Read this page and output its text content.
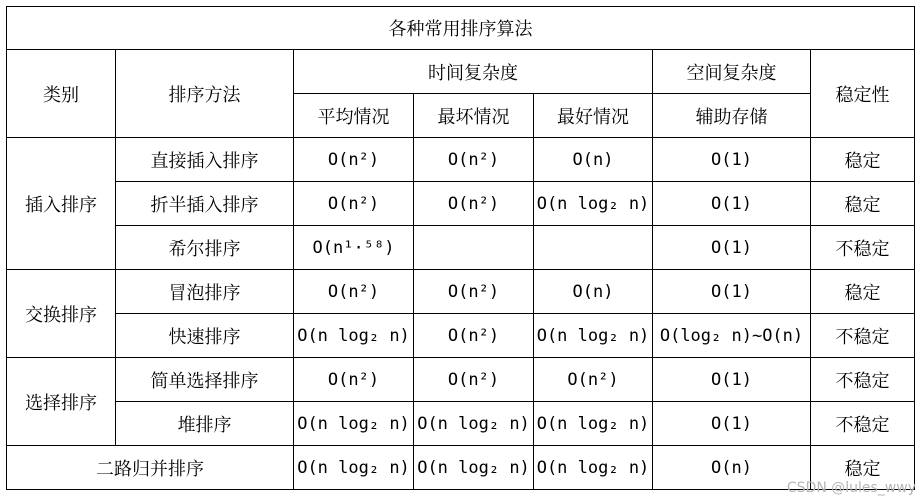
各种常用排序算法						
类别	排序方法	时间复杂度			空间复杂度	稳定性
		平均情况	最坏情况	最好情况	辅助存储	
插入排序	直接插入排序	O(n²)	O(n²)	O(n)	O(1)	稳定
	折半插入排序	O(n²)	O(n²)	O(n log₂ n)	O(1)	稳定
	希尔排序	O(n¹·⁵⁸)			O(1)	不稳定
交换排序	冒泡排序	O(n²)	O(n²)	O(n)	O(1)	稳定
	快速排序	O(n log₂ n)	O(n²)	O(n log₂ n)	O(log₂ n)~O(n)	不稳定
选择排序	简单选择排序	O(n²)	O(n²)	O(n²)	O(1)	不稳定
	堆排序	O(n log₂ n)	O(n log₂ n)	O(n log₂ n)	O(1)	不稳定
二路归并排序		O(n log₂ n)	O(n log₂ n)	O(n log₂ n)	O(n)	稳定
CSDN @lules_wwy
